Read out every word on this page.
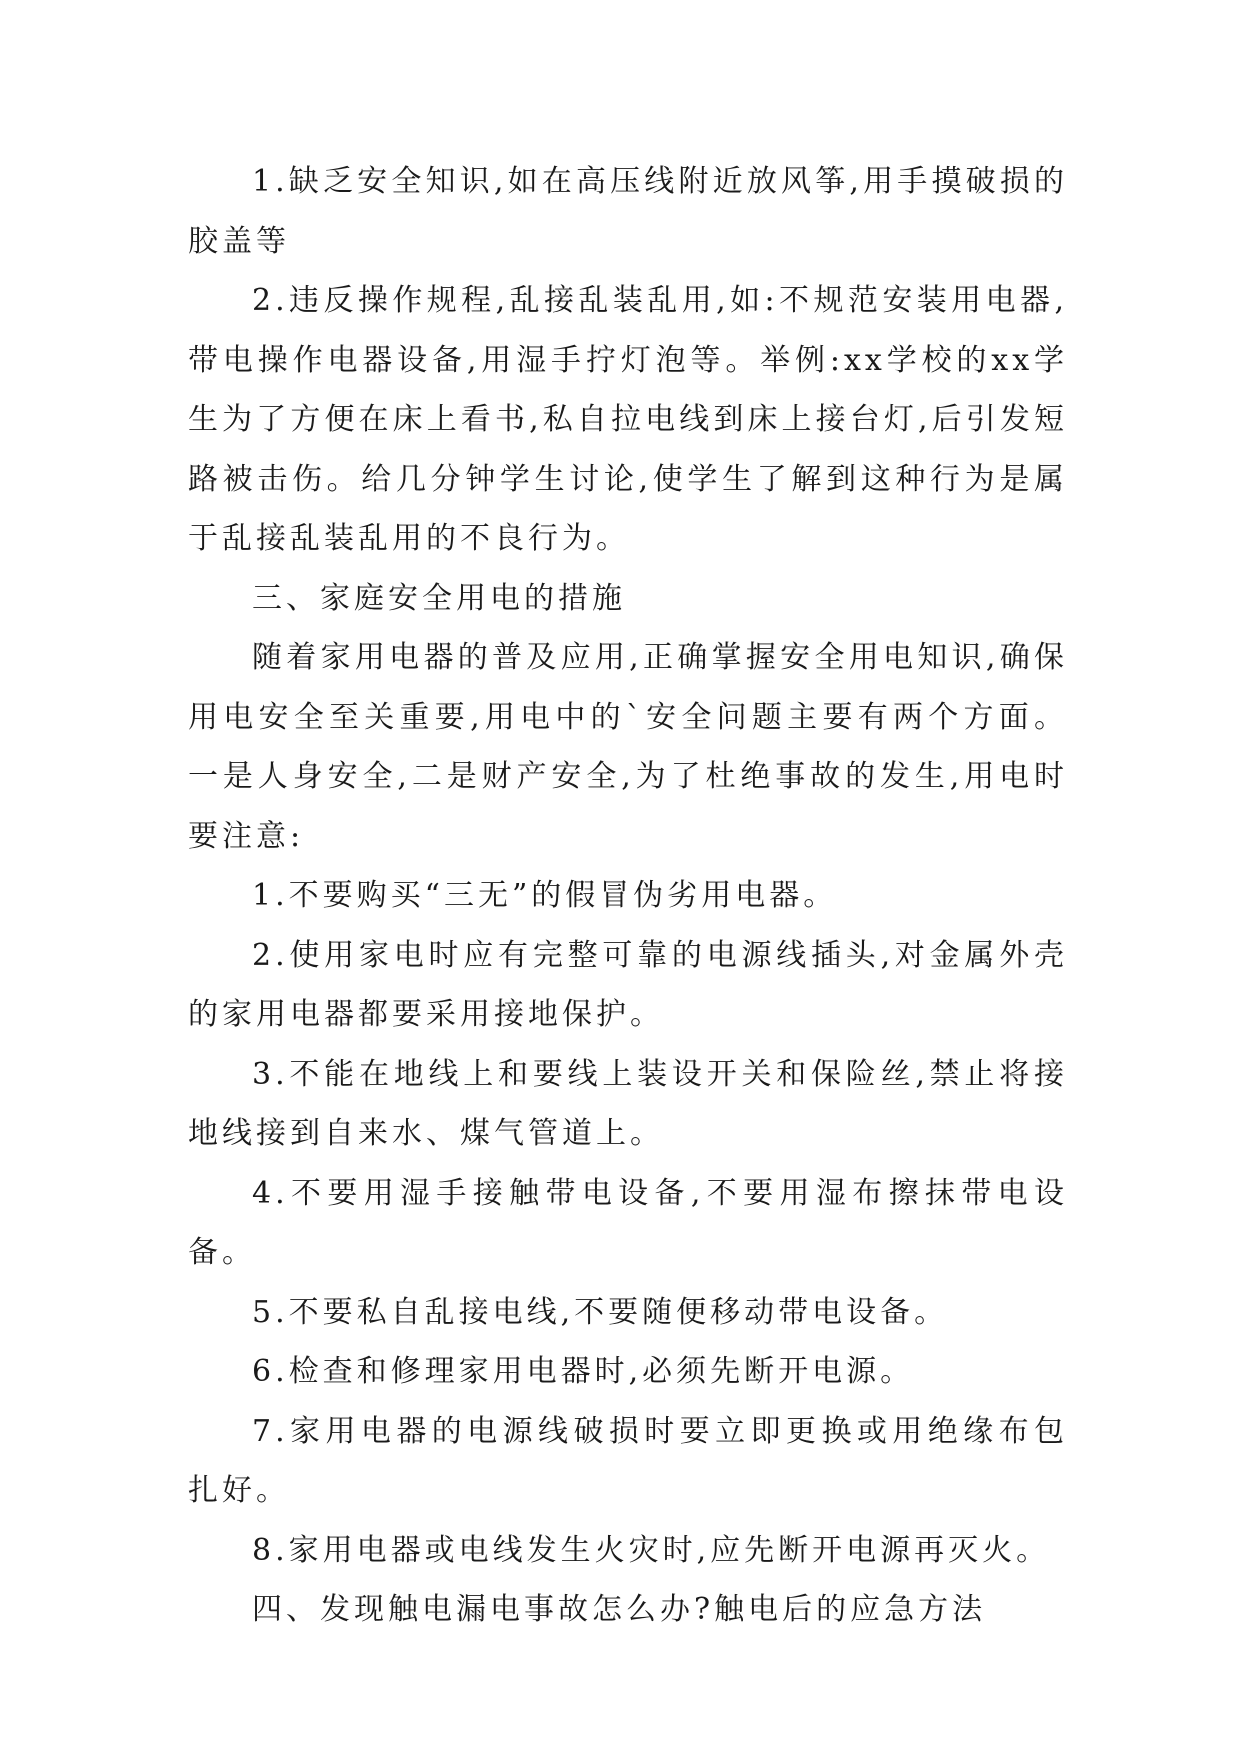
1.缺乏安全知识,如在高压线附近放风筝,用手摸破损的胶盖等

2.违反操作规程,乱接乱装乱用,如:不规范安装用电器,带电操作电器设备,用湿手拧灯泡等。举例:xx学校的xx学生为了方便在床上看书,私自拉电线到床上接台灯,后引发短路被击伤。给几分钟学生讨论,使学生了解到这种行为是属于乱接乱装乱用的不良行为。

三、家庭安全用电的措施

随着家用电器的普及应用,正确掌握安全用电知识,确保用电安全至关重要,用电中的`安全问题主要有两个方面。一是人身安全,二是财产安全,为了杜绝事故的发生,用电时要注意:

1.不要购买“三无”的假冒伪劣用电器。

2.使用家电时应有完整可靠的电源线插头,对金属外壳的家用电器都要采用接地保护。

3.不能在地线上和要线上装设开关和保险丝,禁止将接地线接到自来水、煤气管道上。

4.不要用湿手接触带电设备,不要用湿布擦抹带电设备。

5.不要私自乱接电线,不要随便移动带电设备。

6.检查和修理家用电器时,必须先断开电源。

7.家用电器的电源线破损时要立即更换或用绝缘布包扎好。

8.家用电器或电线发生火灾时,应先断开电源再灭火。

四、发现触电漏电事故怎么办?触电后的应急方法
